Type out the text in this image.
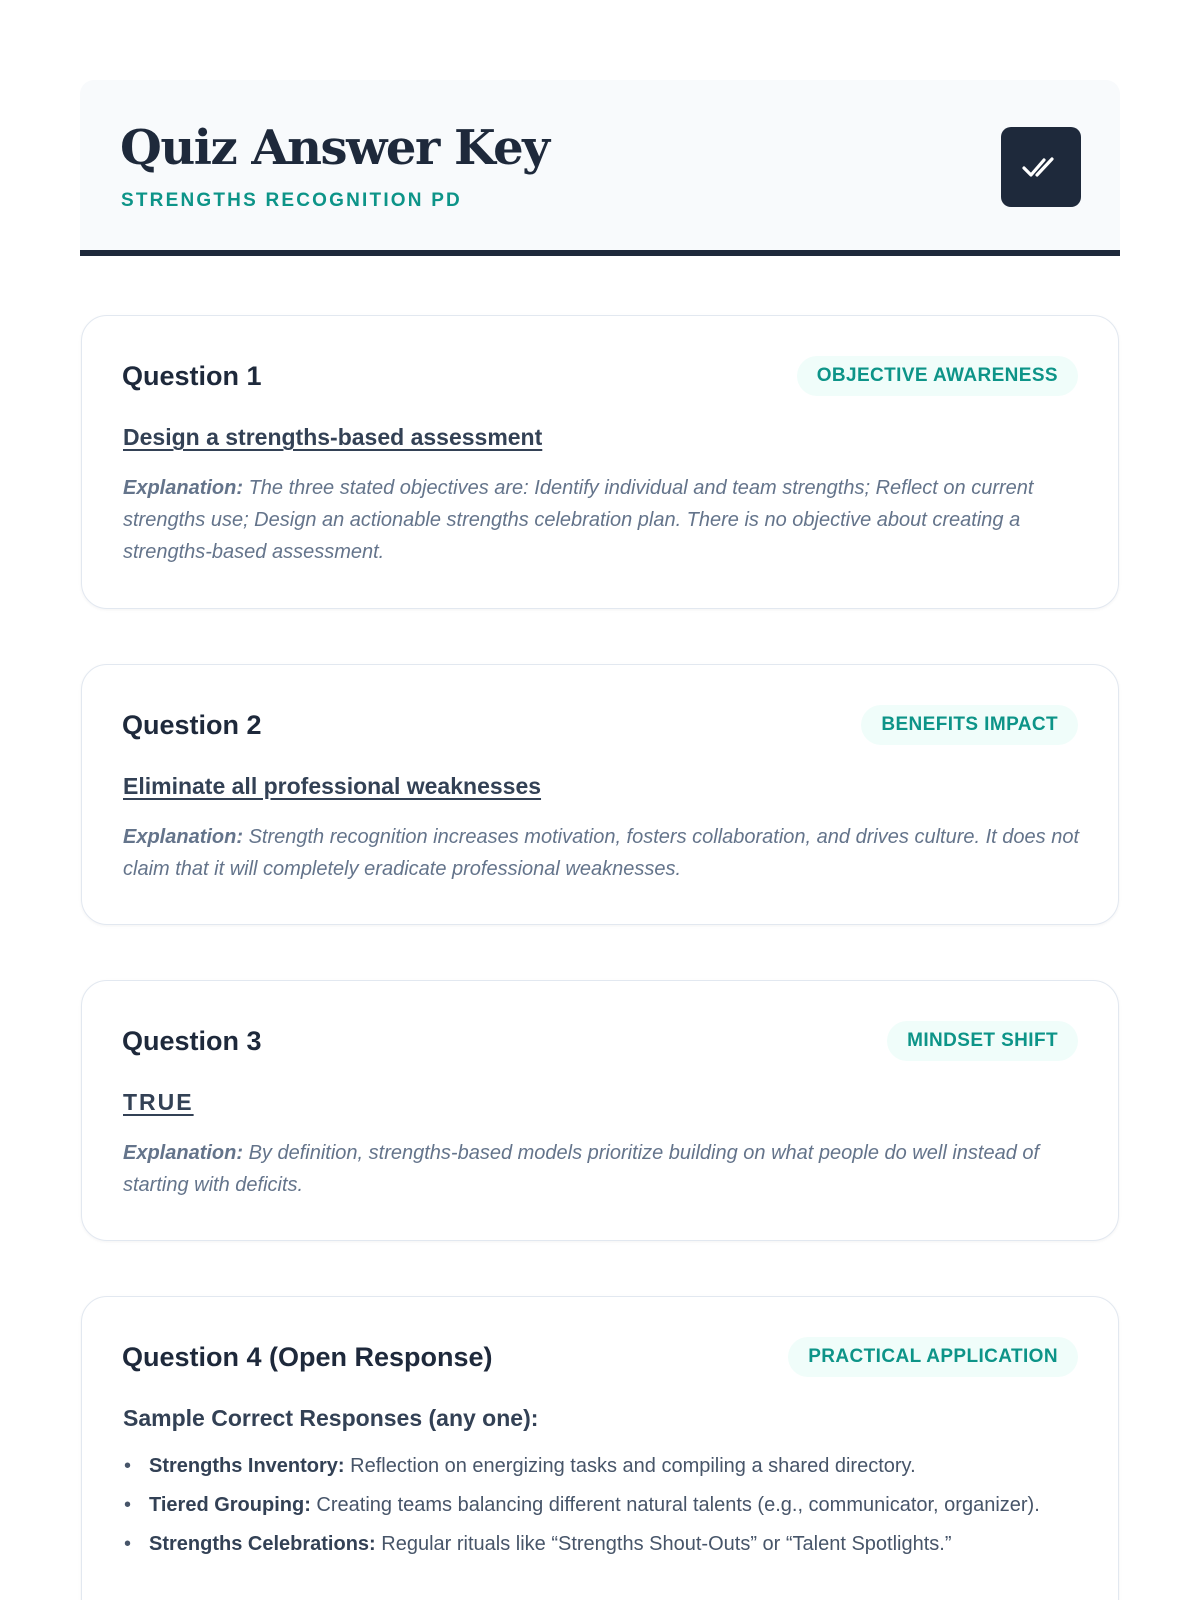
Quiz Answer Key
STRENGTHS RECOGNITION PD
Question 1	OBJECTIVE AWARENESS
Design a strengths-based assessment
Explanation: The three stated objectives are: Identify individual and team strengths; Reflect on current strengths use; Design an actionable strengths celebration plan. There is no objective about creating a strengths-based assessment.
Question 2	BENEFITS IMPACT
Eliminate all professional weaknesses
Explanation: Strength recognition increases motivation, fosters collaboration, and drives culture. It does not claim that it will completely eradicate professional weaknesses.
Question 3	MINDSET SHIFT
TRUE
Explanation: By definition, strengths-based models prioritize building on what people do well instead of starting with deficits.
Question 4 (Open Response)	PRACTICAL APPLICATION
Sample Correct Responses (any one):
• Strengths Inventory: Reflection on energizing tasks and compiling a shared directory.
• Tiered Grouping: Creating teams balancing different natural talents (e.g., communicator, organizer).
• Strengths Celebrations: Regular rituals like “Strengths Shout-Outs” or “Talent Spotlights.”
